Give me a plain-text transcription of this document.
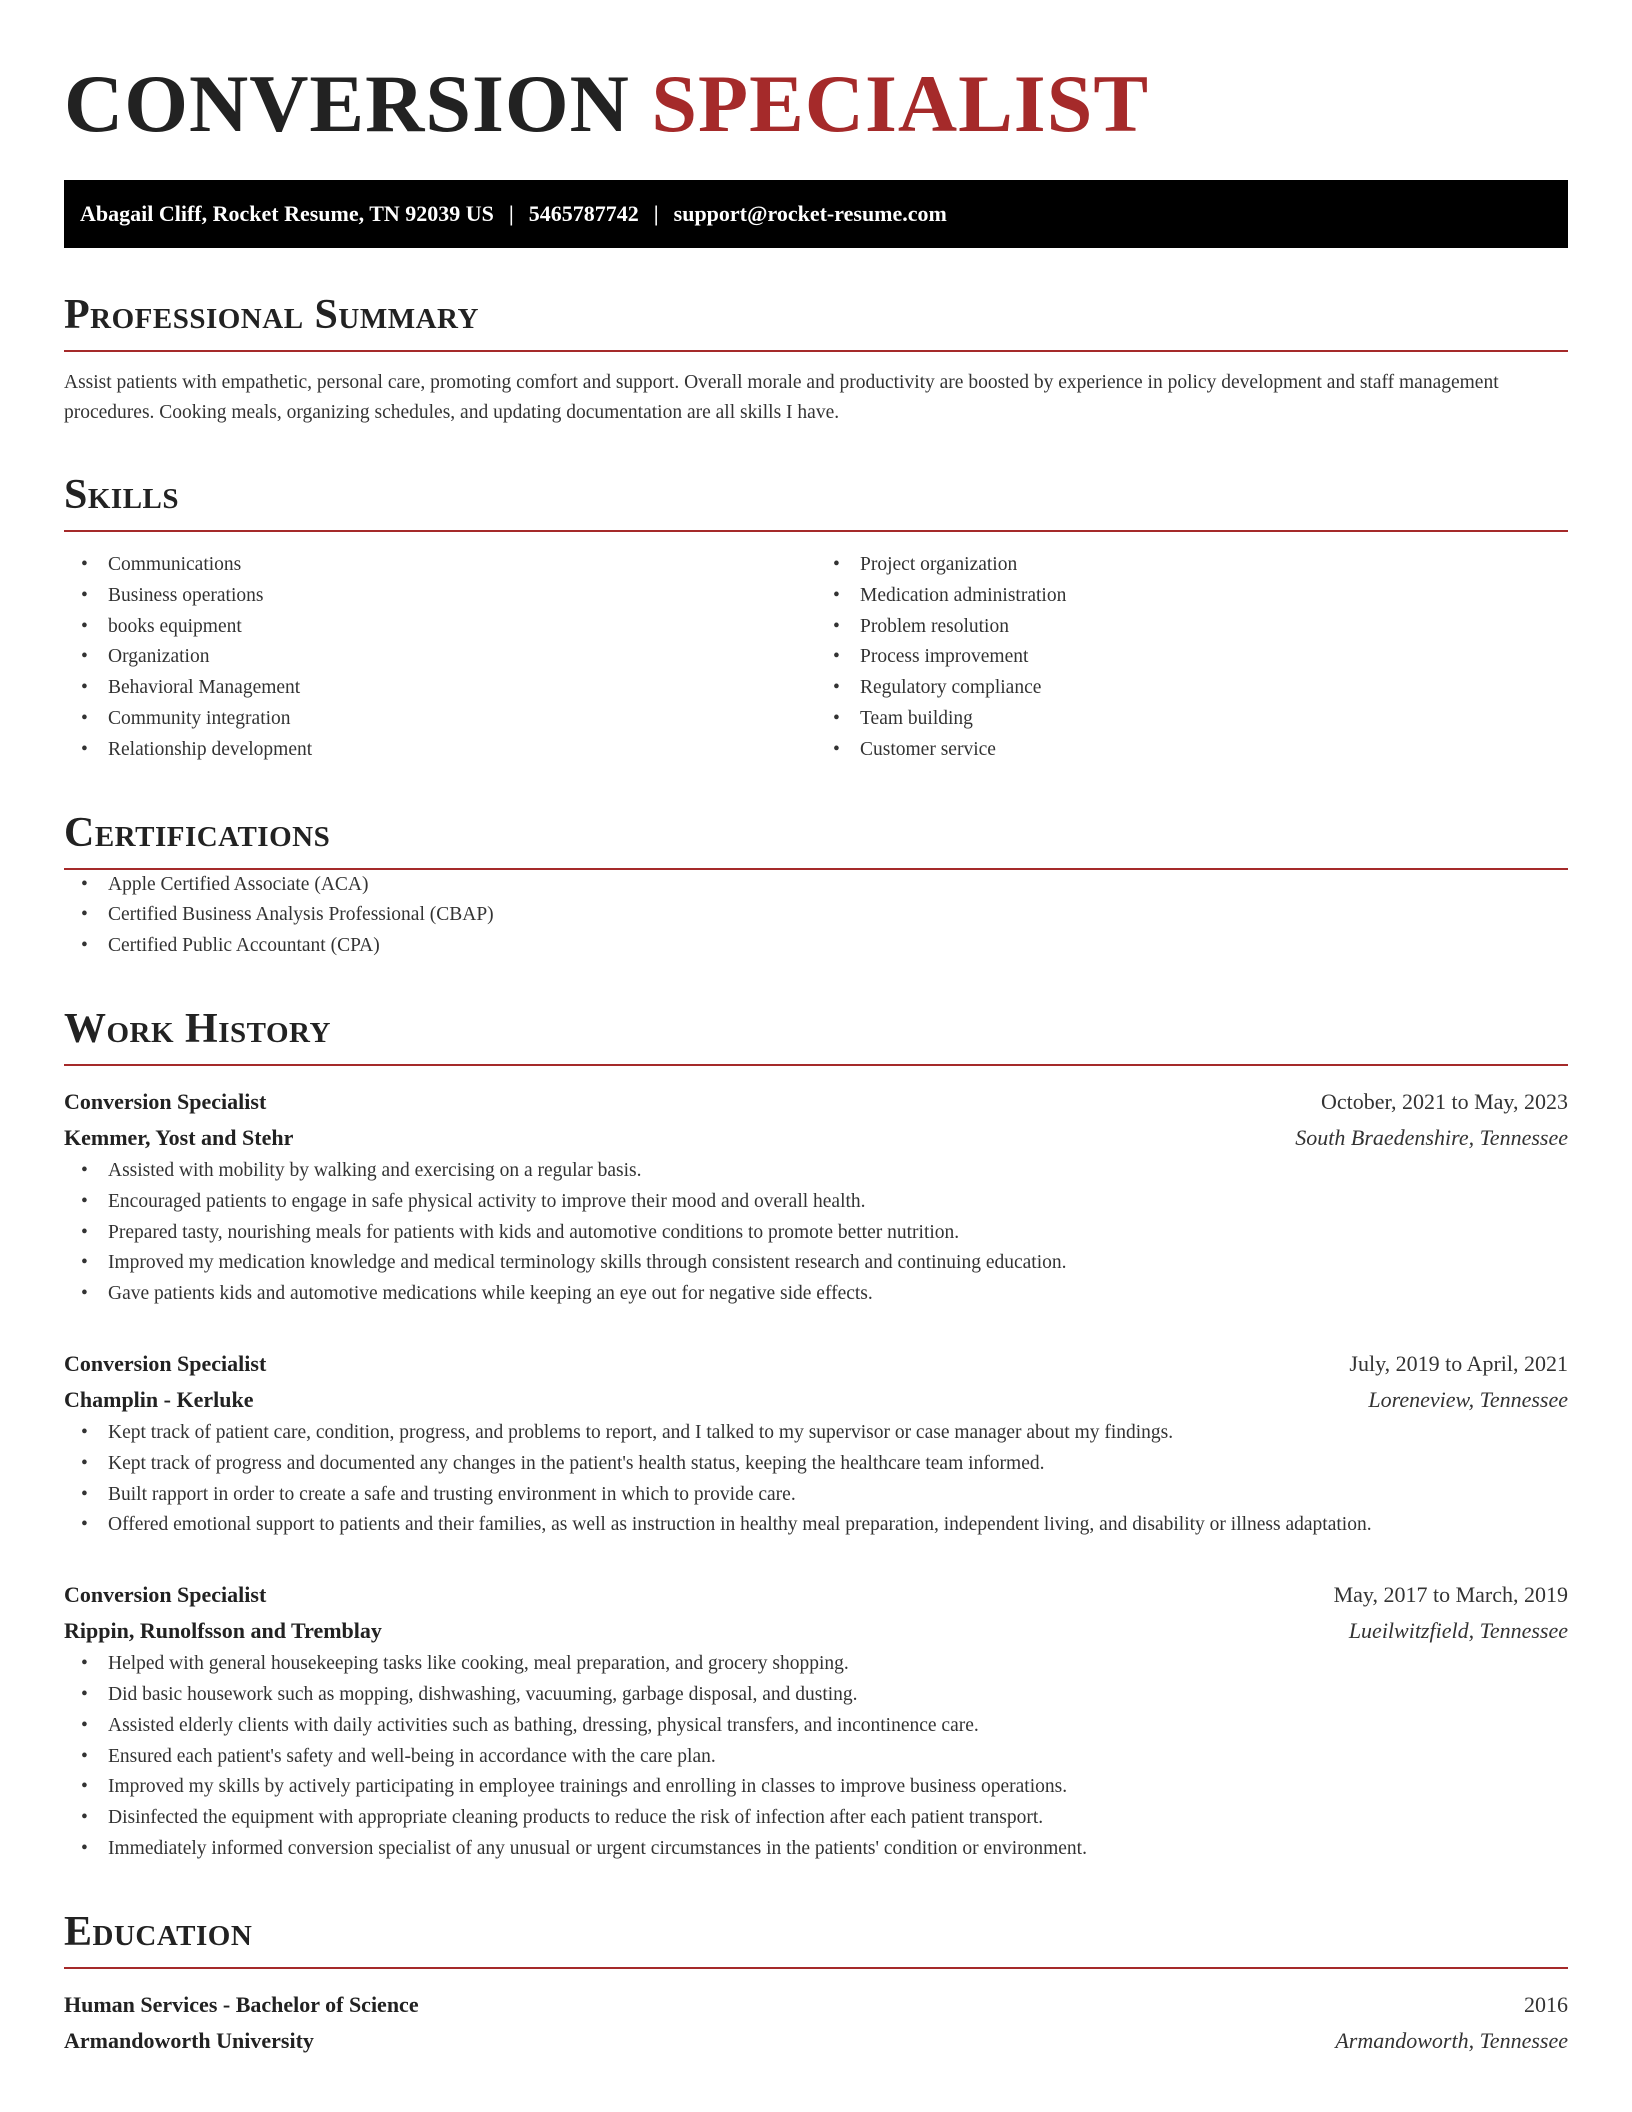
CONVERSION SPECIALIST
Abagail Cliff, Rocket Resume, TN 92039 US | 5465787742 | support@rocket-resume.com
Professional Summary

Assist patients with empathetic, personal care, promoting comfort and support. Overall morale and productivity are boosted by experience in policy development and staff management procedures. Cooking meals, organizing schedules, and updating documentation are all skills I have.

Skills
• Communications
• Business operations
• books equipment
• Organization
• Behavioral Management
• Community integration
• Relationship development
• Project organization
• Medication administration
• Problem resolution
• Process improvement
• Regulatory compliance
• Team building
• Customer service
Certifications
• Apple Certified Associate (ACA)
• Certified Business Analysis Professional (CBAP)
• Certified Public Accountant (CPA)
Work History
Conversion Specialist	October, 2021 to May, 2023
Kemmer, Yost and Stehr	South Braedenshire, Tennessee
• Assisted with mobility by walking and exercising on a regular basis.
• Encouraged patients to engage in safe physical activity to improve their mood and overall health.
• Prepared tasty, nourishing meals for patients with kids and automotive conditions to promote better nutrition.
• Improved my medication knowledge and medical terminology skills through consistent research and continuing education.
• Gave patients kids and automotive medications while keeping an eye out for negative side effects.
Conversion Specialist	July, 2019 to April, 2021
Champlin - Kerluke	Loreneview, Tennessee
• Kept track of patient care, condition, progress, and problems to report, and I talked to my supervisor or case manager about my findings.
• Kept track of progress and documented any changes in the patient's health status, keeping the healthcare team informed.
• Built rapport in order to create a safe and trusting environment in which to provide care.
• Offered emotional support to patients and their families, as well as instruction in healthy meal preparation, independent living, and disability or illness adaptation.
Conversion Specialist	May, 2017 to March, 2019
Rippin, Runolfsson and Tremblay	Lueilwitzfield, Tennessee
• Helped with general housekeeping tasks like cooking, meal preparation, and grocery shopping.
• Did basic housework such as mopping, dishwashing, vacuuming, garbage disposal, and dusting.
• Assisted elderly clients with daily activities such as bathing, dressing, physical transfers, and incontinence care.
• Ensured each patient's safety and well-being in accordance with the care plan.
• Improved my skills by actively participating in employee trainings and enrolling in classes to improve business operations.
• Disinfected the equipment with appropriate cleaning products to reduce the risk of infection after each patient transport.
• Immediately informed conversion specialist of any unusual or urgent circumstances in the patients' condition or environment.
Education
Human Services - Bachelor of Science	2016
Armandoworth University	Armandoworth, Tennessee
